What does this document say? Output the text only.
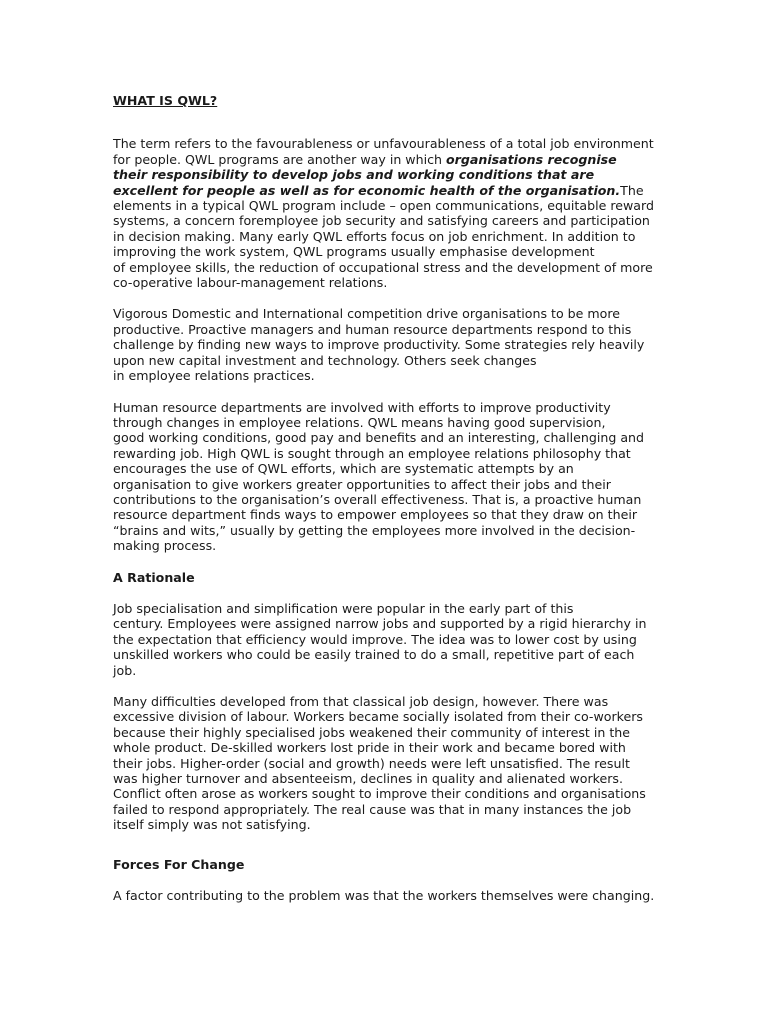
WHAT IS QWL?

The term refers to the favourableness or unfavourableness of a total job environment
for people. QWL programs are another way in which organisations recognise
their responsibility to develop jobs and working conditions that are
excellent for people as well as for economic health of the organisation.The
elements in a typical QWL program include – open communications, equitable reward
systems, a concern foremployee job security and satisfying careers and participation
in decision making. Many early QWL efforts focus on job enrichment. In addition to
improving the work system, QWL programs usually emphasise development
of employee skills, the reduction of occupational stress and the development of more
co-operative labour-management relations.

Vigorous Domestic and International competition drive organisations to be more
productive. Proactive managers and human resource departments respond to this
challenge by finding new ways to improve productivity. Some strategies rely heavily
upon new capital investment and technology. Others seek changes
in employee relations practices.

Human resource departments are involved with efforts to improve productivity
through changes in employee relations. QWL means having good supervision,
good working conditions, good pay and benefits and an interesting, challenging and
rewarding job. High QWL is sought through an employee relations philosophy that
encourages the use of QWL efforts, which are systematic attempts by an
organisation to give workers greater opportunities to affect their jobs and their
contributions to the organisation’s overall effectiveness. That is, a proactive human
resource department finds ways to empower employees so that they draw on their
“brains and wits,” usually by getting the employees more involved in the decision-
making process.

A Rationale

Job specialisation and simplification were popular in the early part of this
century. Employees were assigned narrow jobs and supported by a rigid hierarchy in
the expectation that efficiency would improve. The idea was to lower cost by using
unskilled workers who could be easily trained to do a small, repetitive part of each
job.

Many difficulties developed from that classical job design, however. There was
excessive division of labour. Workers became socially isolated from their co-workers
because their highly specialised jobs weakened their community of interest in the
whole product. De-skilled workers lost pride in their work and became bored with
their jobs. Higher-order (social and growth) needs were left unsatisfied. The result
was higher turnover and absenteeism, declines in quality and alienated workers.
Conflict often arose as workers sought to improve their conditions and organisations
failed to respond appropriately. The real cause was that in many instances the job
itself simply was not satisfying.

Forces For Change

A factor contributing to the problem was that the workers themselves were changing.
